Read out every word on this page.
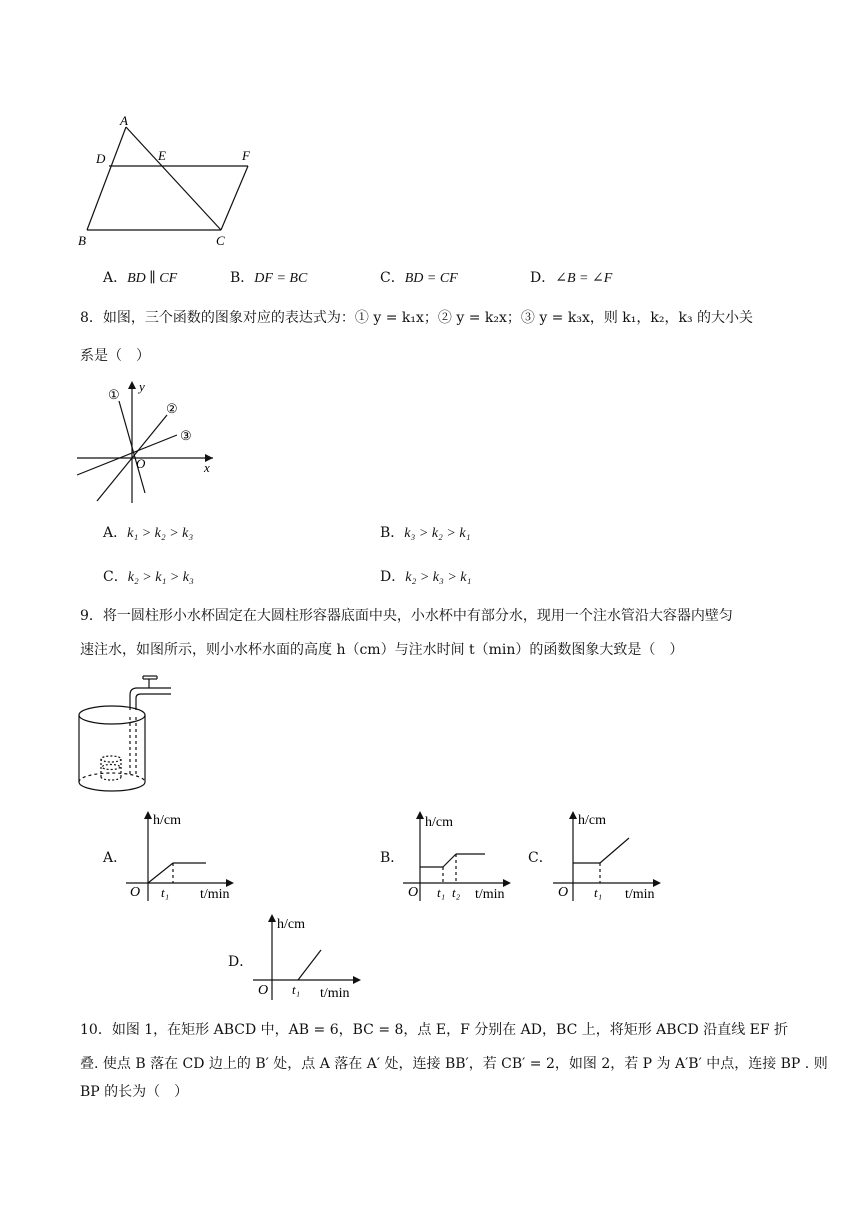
A
D	E	F
B	C
A．BD ∥ CF	B．DF = BC	C．BD = CF	D．∠B = ∠F
8．如图，三个函数的图象对应的表达式为：① y = k₁x；② y = k₂x；③ y = k₃x，则 k₁，k₂，k₃ 的大小关
系是（　）
①
②
③
y
x
O
A．k₁ > k₂ > k₃	B．k₃ > k₂ > k₁
C．k₂ > k₁ > k₃	D．k₂ > k₃ > k₁
9．将一圆柱形小水杯固定在大圆柱形容器底面中央，小水杯中有部分水，现用一个注水管沿大容器内壁匀
速注水，如图所示，则小水杯水面的高度 h（cm）与注水时间 t（min）的函数图象大致是（　）
A．
h/cm
O t₁ t/min
B．
h/cm
O t₁ t₂ t/min
C．
h/cm
O t₁ t/min
D．
h/cm
O t₁ t/min
10．如图 1，在矩形 ABCD 中，AB = 6，BC = 8，点 E，F 分别在 AD，BC 上，将矩形 ABCD 沿直线 EF 折
叠. 使点 B 落在 CD 边上的 B′ 处，点 A 落在 A′ 处，连接 BB′，若 CB′ = 2，如图 2，若 P 为 A′B′ 中点，连接 BP . 则
BP 的长为（　）
